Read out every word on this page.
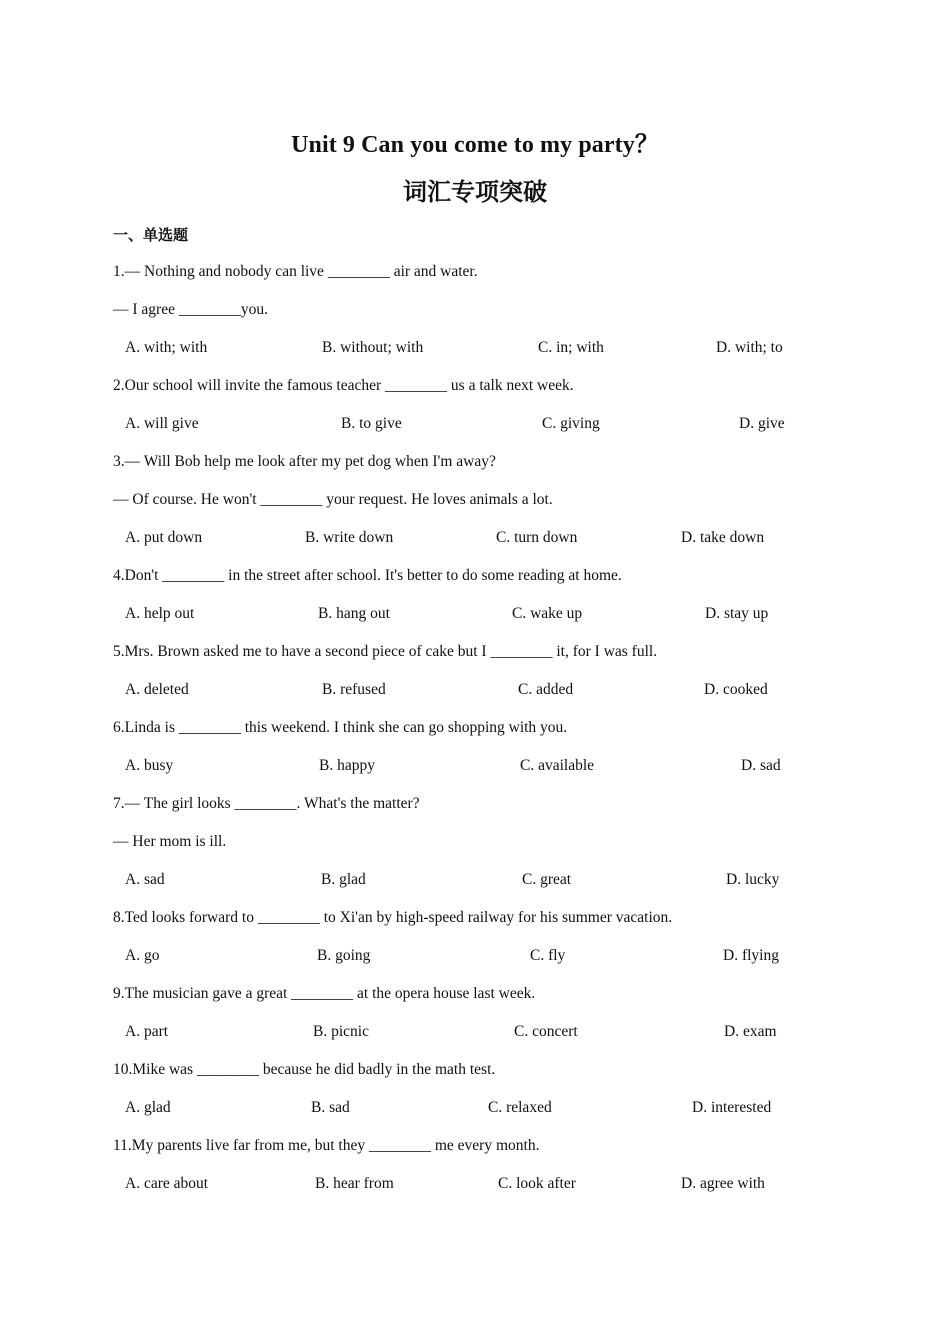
Unit 9 Can you come to my party？
词汇专项突破
一、单选题
1.— Nothing and nobody can live ________ air and water.
— I agree ________you.
A. with; with	B. without; with	C. in; with	D. with; to
2.Our school will invite the famous teacher ________ us a talk next week.
A. will give	B. to give	C. giving	D. give
3.— Will Bob help me look after my pet dog when I'm away?
— Of course. He won't ________ your request. He loves animals a lot.
A. put down	B. write down	C. turn down	D. take down
4.Don't ________ in the street after school. It's better to do some reading at home.
A. help out	B. hang out	C. wake up	D. stay up
5.Mrs. Brown asked me to have a second piece of cake but I ________ it, for I was full.
A. deleted	B. refused	C. added	D. cooked
6.Linda is ________ this weekend. I think she can go shopping with you.
A. busy	B. happy	C. available	D. sad
7.— The girl looks ________. What's the matter?
— Her mom is ill.
A. sad	B. glad	C. great	D. lucky
8.Ted looks forward to ________ to Xi'an by high-speed railway for his summer vacation.
A. go	B. going	C. fly	D. flying
9.The musician gave a great ________ at the opera house last week.
A. part	B. picnic	C. concert	D. exam
10.Mike was ________ because he did badly in the math test.
A. glad	B. sad	C. relaxed	D. interested
11.My parents live far from me, but they ________ me every month.
A. care about	B. hear from	C. look after	D. agree with
